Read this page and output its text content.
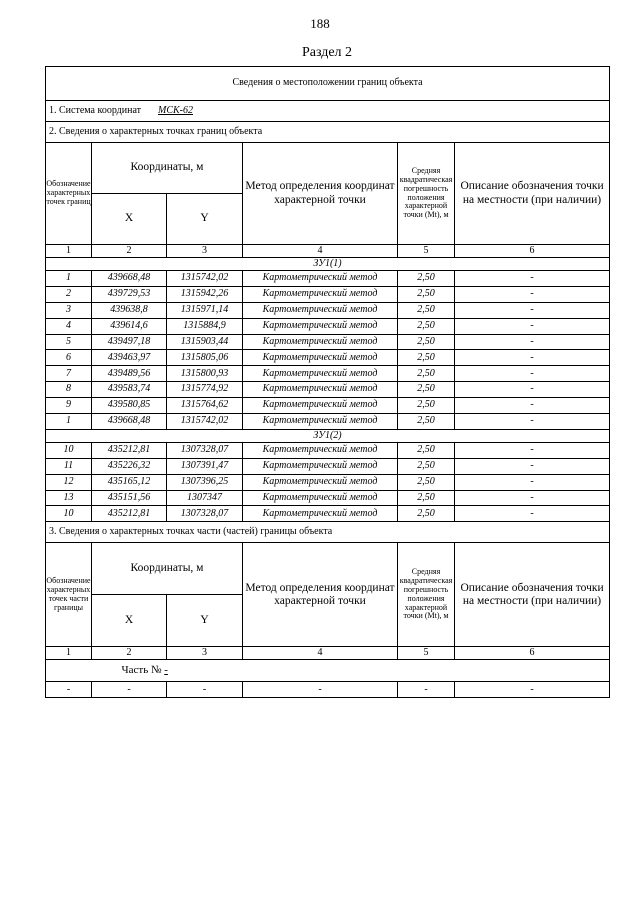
188
Раздел 2
Сведения о местоположении границ объекта					
1. Система координат МСК-62					
2. Сведения о характерных точках границ объекта					
Обозначение характерных точек границ	Координаты, м		Метод определения координат характерной точки	Средняя квадратическая погрешность положения характерной точки (Mt), м	Описание обозначения точки на местности (при наличии)
	X	Y			
1	2	3	4	5	6
ЗУ1(1)					
1	439668,48	1315742,02	Картометрический метод	2,50	-
2	439729,53	1315942,26	Картометрический метод	2,50	-
3	439638,8	1315971,14	Картометрический метод	2,50	-
4	439614,6	1315884,9	Картометрический метод	2,50	-
5	439497,18	1315903,44	Картометрический метод	2,50	-
6	439463,97	1315805,06	Картометрический метод	2,50	-
7	439489,56	1315800,93	Картометрический метод	2,50	-
8	439583,74	1315774,92	Картометрический метод	2,50	-
9	439580,85	1315764,62	Картометрический метод	2,50	-
1	439668,48	1315742,02	Картометрический метод	2,50	-
ЗУ1(2)					
10	435212,81	1307328,07	Картометрический метод	2,50	-
11	435226,32	1307391,47	Картометрический метод	2,50	-
12	435165,12	1307396,25	Картометрический метод	2,50	-
13	435151,56	1307347	Картометрический метод	2,50	-
10	435212,81	1307328,07	Картометрический метод	2,50	-
3. Сведения о характерных точках части (частей) границы объекта					
Обозначение характерных точек части границы	Координаты, м		Метод определения координат характерной точки	Средняя квадратическая погрешность положения характерной точки (Mt), м	Описание обозначения точки на местности (при наличии)
	X	Y			
1	2	3	4	5	6
	Часть № -				
-	-	-	-	-	-
